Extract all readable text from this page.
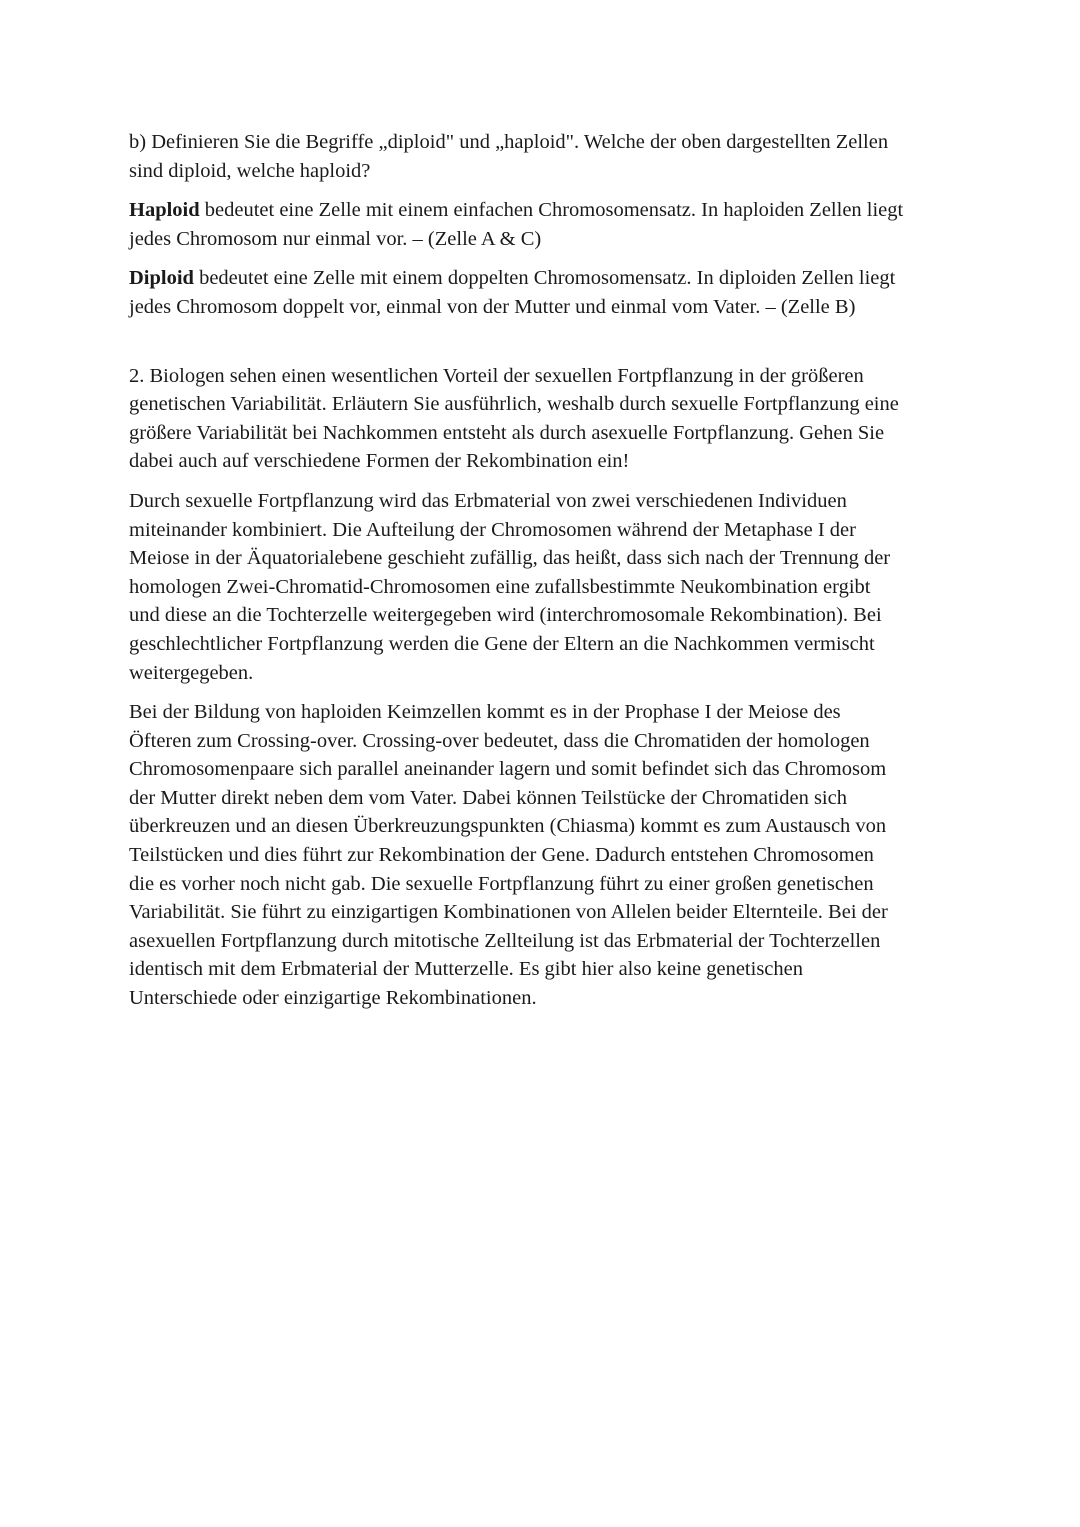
b) Definieren Sie die Begriffe „diploid" und „haploid". Welche der oben dargestellten Zellen
sind diploid, welche haploid?
Haploid bedeutet eine Zelle mit einem einfachen Chromosomensatz. In haploiden Zellen liegt
jedes Chromosom nur einmal vor. – (Zelle A & C)
Diploid bedeutet eine Zelle mit einem doppelten Chromosomensatz. In diploiden Zellen liegt
jedes Chromosom doppelt vor, einmal von der Mutter und einmal vom Vater. – (Zelle B)
2. Biologen sehen einen wesentlichen Vorteil der sexuellen Fortpflanzung in der größeren
genetischen Variabilität. Erläutern Sie ausführlich, weshalb durch sexuelle Fortpflanzung eine
größere Variabilität bei Nachkommen entsteht als durch asexuelle Fortpflanzung. Gehen Sie
dabei auch auf verschiedene Formen der Rekombination ein!
Durch sexuelle Fortpflanzung wird das Erbmaterial von zwei verschiedenen Individuen
miteinander kombiniert. Die Aufteilung der Chromosomen während der Metaphase I der
Meiose in der Äquatorialebene geschieht zufällig, das heißt, dass sich nach der Trennung der
homologen Zwei-Chromatid-Chromosomen eine zufallsbestimmte Neukombination ergibt
und diese an die Tochterzelle weitergegeben wird (interchromosomale Rekombination). Bei
geschlechtlicher Fortpflanzung werden die Gene der Eltern an die Nachkommen vermischt
weitergegeben.
Bei der Bildung von haploiden Keimzellen kommt es in der Prophase I der Meiose des
Öfteren zum Crossing-over. Crossing-over bedeutet, dass die Chromatiden der homologen
Chromosomenpaare sich parallel aneinander lagern und somit befindet sich das Chromosom
der Mutter direkt neben dem vom Vater. Dabei können Teilstücke der Chromatiden sich
überkreuzen und an diesen Überkreuzungspunkten (Chiasma) kommt es zum Austausch von
Teilstücken und dies führt zur Rekombination der Gene. Dadurch entstehen Chromosomen
die es vorher noch nicht gab. Die sexuelle Fortpflanzung führt zu einer großen genetischen
Variabilität. Sie führt zu einzigartigen Kombinationen von Allelen beider Elternteile. Bei der
asexuellen Fortpflanzung durch mitotische Zellteilung ist das Erbmaterial der Tochterzellen
identisch mit dem Erbmaterial der Mutterzelle. Es gibt hier also keine genetischen
Unterschiede oder einzigartige Rekombinationen.
